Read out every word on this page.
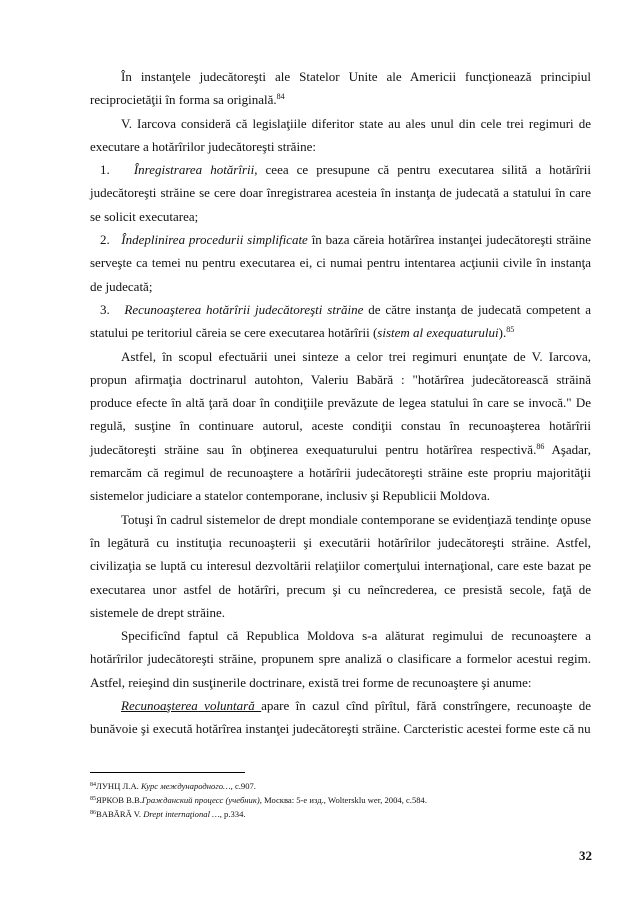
În instanţele judecătoreşti ale Statelor Unite ale Americii funcţionează principiul reciprocietăţii în forma sa originală.$^{84}$

V. Iarcova consideră că legislaţiile diferitor state au ales unul din cele trei regimuri de executare a hotărîrilor judecătoreşti străine:

1. Înregistrarea hotărîrii, ceea ce presupune că pentru executarea silită a hotărîrii judecătoreşti străine se cere doar înregistrarea acesteia în instanţa de judecată a statului în care se solicit executarea;

2. Îndeplinirea procedurii simplificate în baza căreia hotărîrea instanţei judecătoreşti străine serveşte ca temei nu pentru executarea ei, ci numai pentru intentarea acţiunii civile în instanţa de judecată;

3. Recunoaşterea hotărîrii judecătoreşti străine de către instanţa de judecată competent a statului pe teritoriul căreia se cere executarea hotărîrii (sistem al exequaturului).$^{85}$

Astfel, în scopul efectuării unei sinteze a celor trei regimuri enunţate de V. Iarcova, propun afirmaţia doctrinarul autohton, Valeriu Babără : "hotărîrea judecătorească străină produce efecte în altă ţară doar în condiţiile prevăzute de legea statului în care se invocă." De regulă, susţine în continuare autorul, aceste condiţii constau în recunoaşterea hotărîrii judecătoreşti străine sau în obţinerea exequaturului pentru hotărîrea respectivă.$^{86}$ Aşadar, remarcăm că regimul de recunoaştere a hotărîrii judecătoreşti străine este propriu majorităţii sistemelor judiciare a statelor contemporane, inclusiv şi Republicii Moldova.

Totuşi în cadrul sistemelor de drept mondiale contemporane se evidenţiază tendinţe opuse în legătură cu instituţia recunoaşterii şi executării hotărîrilor judecătoreşti străine. Astfel, civilizaţia se luptă cu interesul dezvoltării relaţiilor comerţului internaţional, care este bazat pe executarea unor astfel de hotărîri, precum şi cu neîncrederea, ce presistă secole, faţă de sistemele de drept străine.

Specificînd faptul că Republica Moldova s-a alăturat regimului de recunoaştere a hotărîrilor judecătoreşti străine, propunem spre analiză o clasificare a formelor acestui regim. Astfel, reieşind din susţinerile doctrinare, există trei forme de recunoaştere şi anume:

Recunoaşterea voluntară apare în cazul cînd pîrîtul, fără constrîngere, recunoaşte de bunăvoie şi execută hotărîrea instanţei judecătoreşti străine. Carcteristic acestei forme este că nu

$^{84}$ЛУНЦ Л.А. Курс международного…, с.907.
$^{85}$ЯРКОВ В.В.Гражданский процесс (учебник), Москва: 5-е изд., Woltersklu wer, 2004, с.584.
$^{86}$BABĂRĂ V. Drept internaţional …, p.334.
32
